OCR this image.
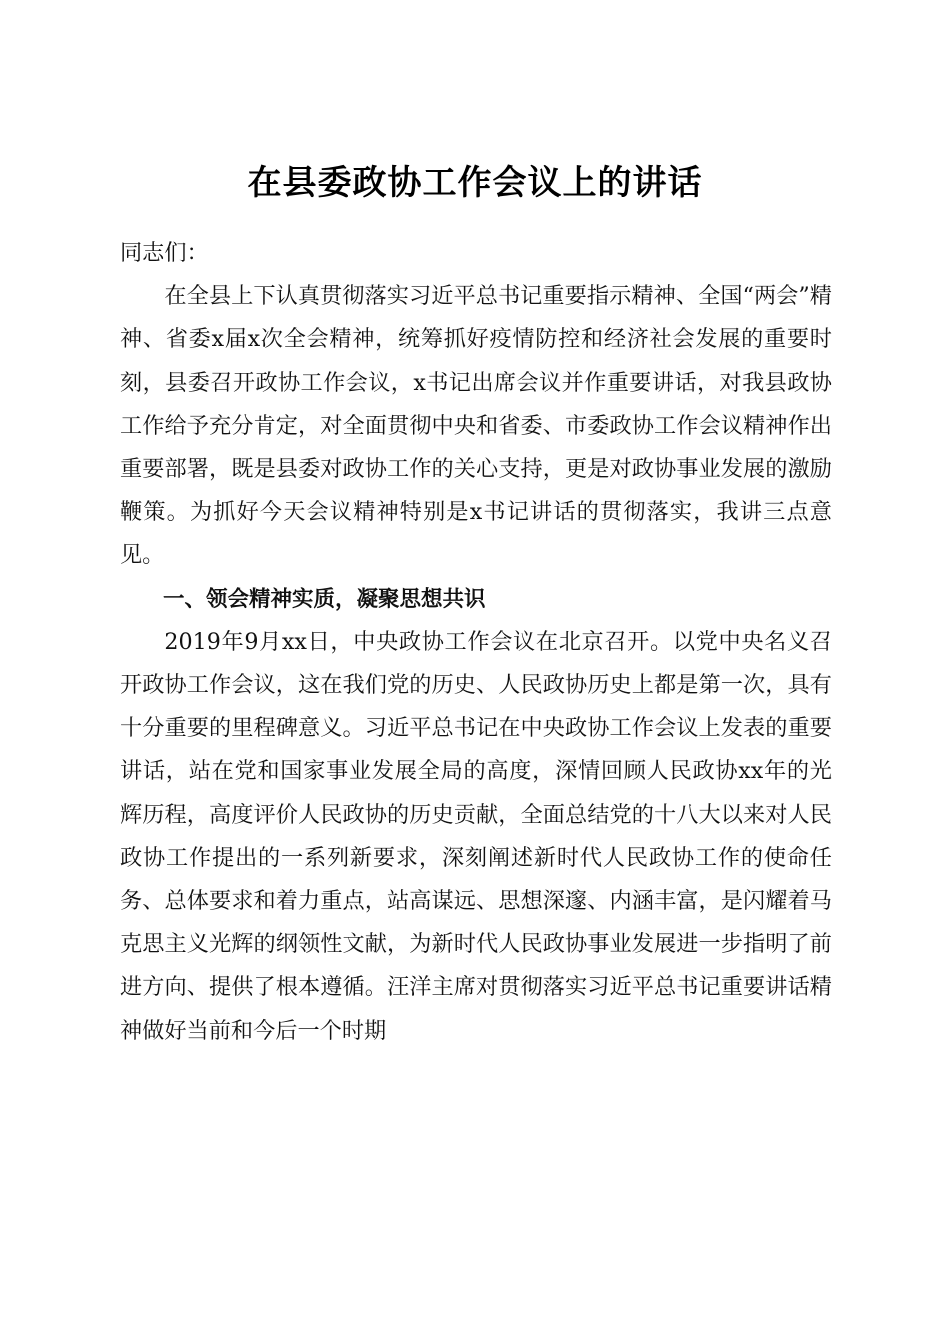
在县委政协工作会议上的讲话

同志们：

在全县上下认真贯彻落实习近平总书记重要指示精神、全国“两会”精神、省委x届x次全会精神，统筹抓好疫情防控和经济社会发展的重要时刻，县委召开政协工作会议，x书记出席会议并作重要讲话，对我县政协工作给予充分肯定，对全面贯彻中央和省委、市委政协工作会议精神作出重要部署，既是县委对政协工作的关心支持，更是对政协事业发展的激励鞭策。为抓好今天会议精神特别是x书记讲话的贯彻落实，我讲三点意见。

一、领会精神实质，凝聚思想共识

2019年9月xx日，中央政协工作会议在北京召开。以党中央名义召开政协工作会议，这在我们党的历史、人民政协历史上都是第一次，具有十分重要的里程碑意义。习近平总书记在中央政协工作会议上发表的重要讲话，站在党和国家事业发展全局的高度，深情回顾人民政协xx年的光辉历程，高度评价人民政协的历史贡献，全面总结党的十八大以来对人民政协工作提出的一系列新要求，深刻阐述新时代人民政协工作的使命任务、总体要求和着力重点，站高谋远、思想深邃、内涵丰富，是闪耀着马克思主义光辉的纲领性文献，为新时代人民政协事业发展进一步指明了前进方向、提供了根本遵循。汪洋主席对贯彻落实习近平总书记重要讲话精神做好当前和今后一个时期
